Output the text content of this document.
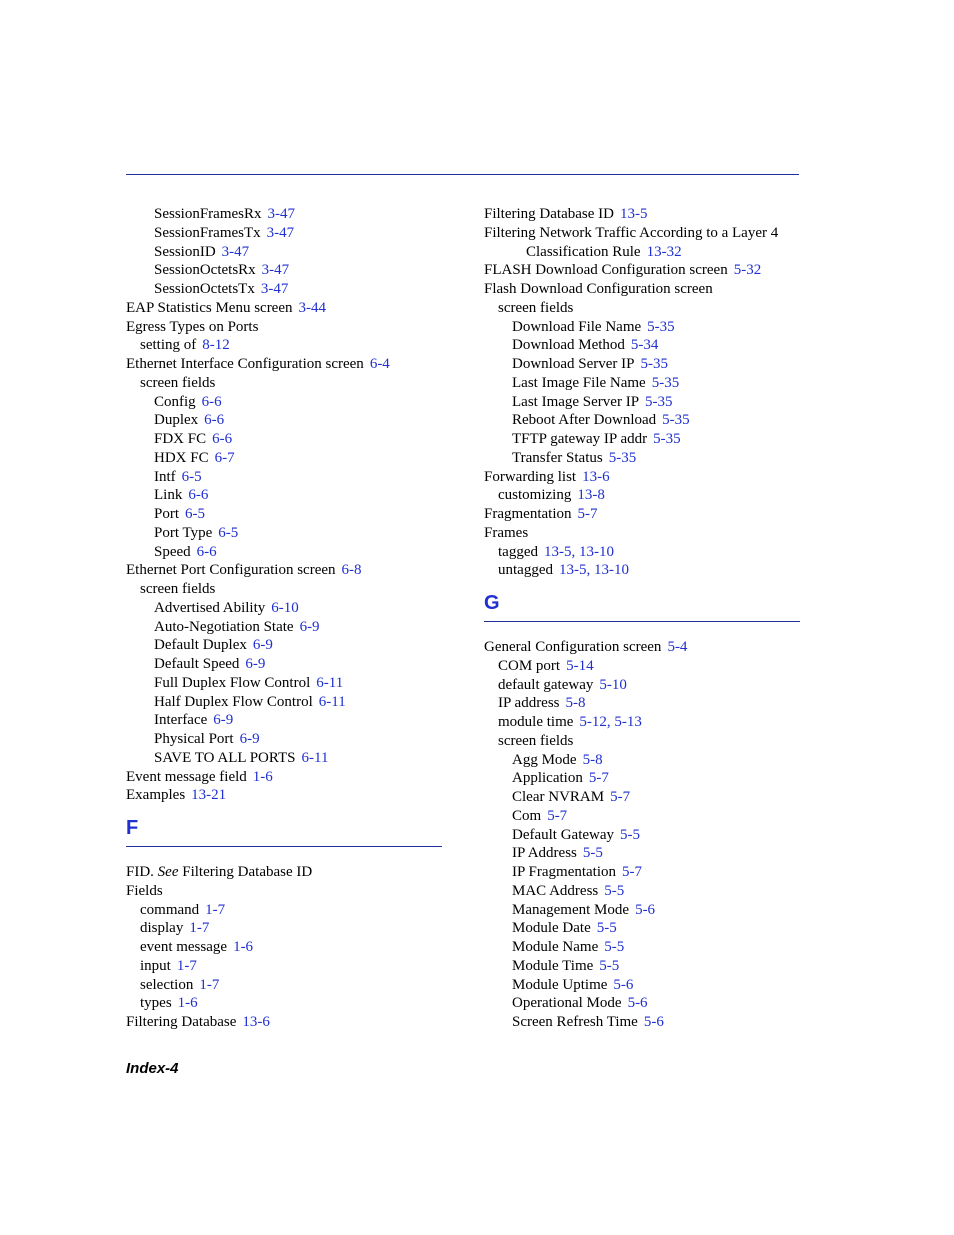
SessionFramesRx 3-47
SessionFramesTx 3-47
SessionID 3-47
SessionOctetsRx 3-47
SessionOctetsTx 3-47
EAP Statistics Menu screen 3-44
Egress Types on Ports
setting of 8-12
Ethernet Interface Configuration screen 6-4
screen fields
Config 6-6
Duplex 6-6
FDX FC 6-6
HDX FC 6-7
Intf 6-5
Link 6-6
Port 6-5
Port Type 6-5
Speed 6-6
Ethernet Port Configuration screen 6-8
screen fields
Advertised Ability 6-10
Auto-Negotiation State 6-9
Default Duplex 6-9
Default Speed 6-9
Full Duplex Flow Control 6-11
Half Duplex Flow Control 6-11
Interface 6-9
Physical Port 6-9
SAVE TO ALL PORTS 6-11
Event message field 1-6
Examples 13-21
F
FID. See Filtering Database ID
Fields
command 1-7
display 1-7
event message 1-6
input 1-7
selection 1-7
types 1-6
Filtering Database 13-6
Filtering Database ID 13-5
Filtering Network Traffic According to a Layer 4
Classification Rule 13-32
FLASH Download Configuration screen 5-32
Flash Download Configuration screen
screen fields
Download File Name 5-35
Download Method 5-34
Download Server IP 5-35
Last Image File Name 5-35
Last Image Server IP 5-35
Reboot After Download 5-35
TFTP gateway IP addr 5-35
Transfer Status 5-35
Forwarding list 13-6
customizing 13-8
Fragmentation 5-7
Frames
tagged 13-5, 13-10
untagged 13-5, 13-10
G
General Configuration screen 5-4
COM port 5-14
default gateway 5-10
IP address 5-8
module time 5-12, 5-13
screen fields
Agg Mode 5-8
Application 5-7
Clear NVRAM 5-7
Com 5-7
Default Gateway 5-5
IP Address 5-5
IP Fragmentation 5-7
MAC Address 5-5
Management Mode 5-6
Module Date 5-5
Module Name 5-5
Module Time 5-5
Module Uptime 5-6
Operational Mode 5-6
Screen Refresh Time 5-6
Index-4
